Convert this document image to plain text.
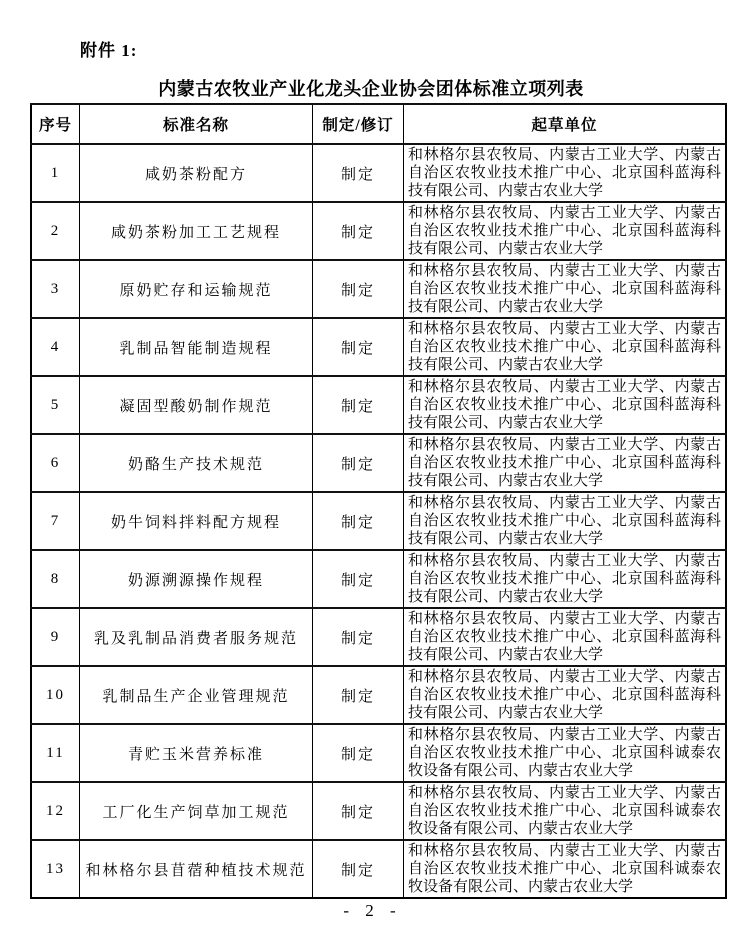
附件 1:
内蒙古农牧业产业化龙头企业协会团体标准立项列表
序号	标准名称	制定/修订	起草单位
1	咸奶茶粉配方	制定	和林格尔县农牧局、内蒙古工业大学、内蒙古自治区农牧业技术推广中心、北京国科蓝海科技有限公司、内蒙古农业大学
2	咸奶茶粉加工工艺规程	制定	和林格尔县农牧局、内蒙古工业大学、内蒙古自治区农牧业技术推广中心、北京国科蓝海科技有限公司、内蒙古农业大学
3	原奶贮存和运输规范	制定	和林格尔县农牧局、内蒙古工业大学、内蒙古自治区农牧业技术推广中心、北京国科蓝海科技有限公司、内蒙古农业大学
4	乳制品智能制造规程	制定	和林格尔县农牧局、内蒙古工业大学、内蒙古自治区农牧业技术推广中心、北京国科蓝海科技有限公司、内蒙古农业大学
5	凝固型酸奶制作规范	制定	和林格尔县农牧局、内蒙古工业大学、内蒙古自治区农牧业技术推广中心、北京国科蓝海科技有限公司、内蒙古农业大学
6	奶酪生产技术规范	制定	和林格尔县农牧局、内蒙古工业大学、内蒙古自治区农牧业技术推广中心、北京国科蓝海科技有限公司、内蒙古农业大学
7	奶牛饲料拌料配方规程	制定	和林格尔县农牧局、内蒙古工业大学、内蒙古自治区农牧业技术推广中心、北京国科蓝海科技有限公司、内蒙古农业大学
8	奶源溯源操作规程	制定	和林格尔县农牧局、内蒙古工业大学、内蒙古自治区农牧业技术推广中心、北京国科蓝海科技有限公司、内蒙古农业大学
9	乳及乳制品消费者服务规范	制定	和林格尔县农牧局、内蒙古工业大学、内蒙古自治区农牧业技术推广中心、北京国科蓝海科技有限公司、内蒙古农业大学
10	乳制品生产企业管理规范	制定	和林格尔县农牧局、内蒙古工业大学、内蒙古自治区农牧业技术推广中心、北京国科蓝海科技有限公司、内蒙古农业大学
11	青贮玉米营养标准	制定	和林格尔县农牧局、内蒙古工业大学、内蒙古自治区农牧业技术推广中心、北京国科诚泰农牧设备有限公司、内蒙古农业大学
12	工厂化生产饲草加工规范	制定	和林格尔县农牧局、内蒙古工业大学、内蒙古自治区农牧业技术推广中心、北京国科诚泰农牧设备有限公司、内蒙古农业大学
13	和林格尔县苜蓿种植技术规范	制定	和林格尔县农牧局、内蒙古工业大学、内蒙古自治区农牧业技术推广中心、北京国科诚泰农牧设备有限公司、内蒙古农业大学
- 2 -
